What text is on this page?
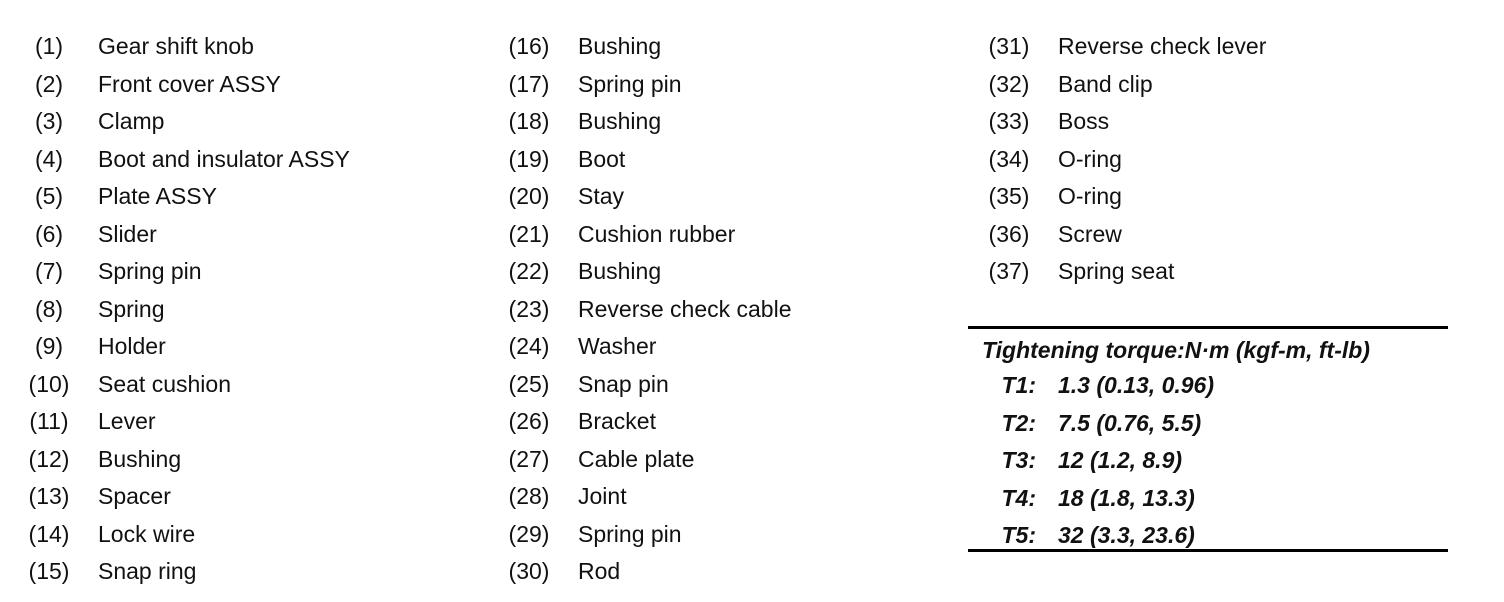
(1)	Gear shift knob
(2)	Front cover ASSY
(3)	Clamp
(4)	Boot and insulator ASSY
(5)	Plate ASSY
(6)	Slider
(7)	Spring pin
(8)	Spring
(9)	Holder
(10) Seat cushion
(11) Lever
(12) Bushing
(13) Spacer
(14) Lock wire
(15) Snap ring
(16) Bushing
(17) Spring pin
(18) Bushing
(19) Boot
(20) Stay
(21) Cushion rubber
(22) Bushing
(23) Reverse check cable
(24) Washer
(25) Snap pin
(26) Bracket
(27) Cable plate
(28) Joint
(29) Spring pin
(30) Rod
(31) Reverse check lever
(32) Band clip
(33) Boss
(34) O-ring
(35) O-ring
(36) Screw
(37) Spring seat
Tightening torque:N·m (kgf-m, ft-lb)
T1: 1.3 (0.13, 0.96)
T2: 7.5 (0.76, 5.5)
T3: 12 (1.2, 8.9)
T4: 18 (1.8, 13.3)
T5: 32 (3.3, 23.6)
